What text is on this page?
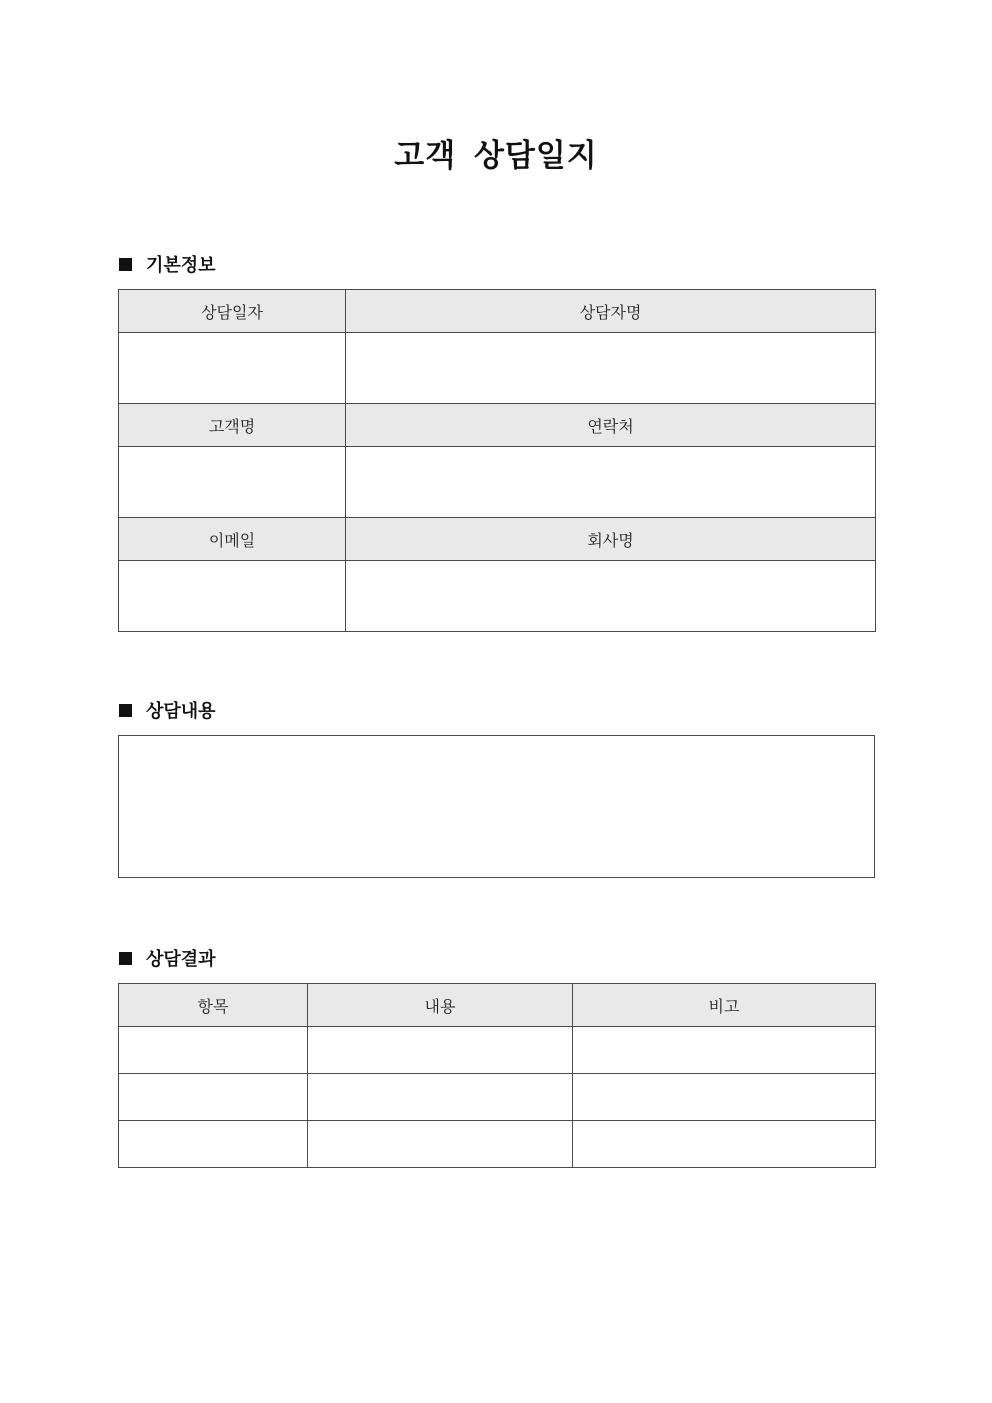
고객 상담일지
기본정보
상담일자	상담자명

고객명	연락처

이메일	회사명

상담내용
상담결과
항목	내용	비고
